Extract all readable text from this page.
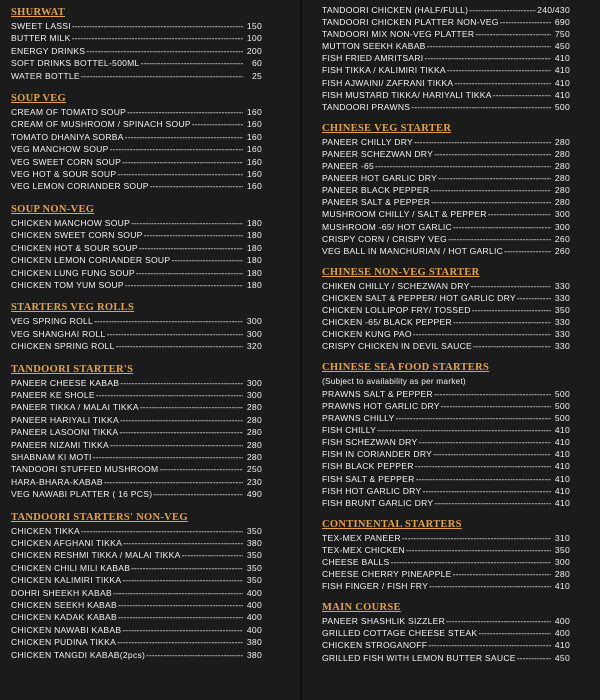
SHURWAT
SWEET LASSI -----	150
BUTTER MILK -----	100
ENERGY DRINKS -----	200
SOFT DRINKS BOTTEL-500ML -----	60
WATER BOTTLE -----	25
SOUP VEG
CREAM OF TOMATO SOUP -----	160
CREAM OF MUSHROOM / SPINACH SOUP -----	160
TOMATO DHANIYA SORBA -----	160
VEG MANCHOW SOUP -----	160
VEG SWEET CORN SOUP -----	160
VEG HOT & SOUR SOUP -----	160
VEG LEMON CORIANDER SOUP -----	160
SOUP NON-VEG
CHICKEN MANCHOW SOUP -----	180
CHICKEN SWEET CORN SOUP -----	180
CHICKEN HOT & SOUR SOUP -----	180
CHICKEN LEMON CORIANDER SOUP -----	180
CHICKEN LUNG FUNG SOUP -----	180
CHICKEN TOM YUM SOUP -----	180
STARTERS VEG ROLLS
VEG SPRING ROLL -----	300
VEG SHANGHAI ROLL -----	300
CHICKEN SPRING ROLL -----	320
TANDOORI STARTER'S
PANEER CHEESE KABAB -----	300
PANEER KE SHOLE -----	300
PANEER TIKKA / MALAI TIKKA -----	280
PANEER HARIYALI TIKKA -----	280
PANEER LASOONI TIKKA -----	280
PANEER NIZAMI TIKKA -----	280
SHABNAM KI MOTI -----	280
TANDOORI STUFFED MUSHROOM -----	250
HARA-BHARA-KABAB -----	230
VEG NAWABI PLATTER ( 16 PCS) -----	490
TANDOORI STARTERS' NON-VEG
CHICKEN TIKKA -----	350
CHICKEN AFGHANI TIKKA -----	380
CHICKEN RESHMI TIKKA / MALAI TIKKA -----	350
CHICKEN CHILI MILI KABAB -----	350
CHICKEN KALIMIRI TIKKA -----	350
DOHRI SHEEKH KABAB -----	400
CHICKEN SEEKH KABAB -----	400
CHICKEN KADAK KABAB -----	400
CHICKEN NAWABI KABAB -----	400
CHICKEN PUDINA TIKKA -----	380
CHICKEN TANGDI KABAB(2pcs) -----	380
TANDOORI CHICKEN (HALF/FULL) -----	240/430
TANDOORI CHICKEN PLATTER NON-VEG -----	690
TANDOORI MIX NON-VEG PLATTER -----	750
MUTTON SEEKH KABAB -----	450
FISH FRIED AMRITSARI -----	410
FISH TIKKA / KALIMIRI TIKKA -----	410
FISH AJWAINI/ ZAFRANI TIKKA -----	410
FISH MUSTARD TIKKA/ HARIYALI TIKKA -----	410
TANDOORI PRAWNS -----	500
CHINESE VEG STARTER
PANEER CHILLY DRY -----	280
PANEER SCHEZWAN DRY -----	280
PANEER -65 -----	280
PANEER HOT GARLIC DRY -----	280
PANEER BLACK PEPPER -----	280
PANEER SALT & PEPPER -----	280
MUSHROOM CHILLY / SALT & PEPPER -----	300
MUSHROOM -65/ HOT GARLIC -----	300
CRISPY CORN / CRISPY VEG -----	260
VEG BALL IN MANCHURIAN / HOT GARLIC -----	260
CHINESE NON-VEG STARTER
CHIKEN CHILLY / SCHEZWAN DRY -----	330
CHICKEN SALT & PEPPER/ HOT GARLIC DRY -----	330
CHICKEN LOLLIPOP FRY/ TOSSED -----	350
CHICKEN -65/ BLACK PEPPER -----	330
CHICKEN KUNG PAO -----	330
CRISPY CHICKEN IN DEVIL SAUCE -----	330
CHINESE SEA FOOD STARTERS
(Subject to availability as per market)
PRAWNS SALT & PEPPER -----	500
PRAWNS HOT GARLIC DRY -----	500
PRAWNS CHILLY -----	500
FISH CHILLY -----	410
FISH SCHEZWAN DRY -----	410
FISH IN CORIANDER DRY -----	410
FISH BLACK PEPPER -----	410
FISH SALT & PEPPER -----	410
FISH HOT GARLIC DRY -----	410
FISH BRUNT GARLIC DRY -----	410
CONTINENTAL STARTERS
TEX-MEX PANEER -----	310
TEX-MEX CHICKEN -----	350
CHEESE BALLS -----	300
CHEESE CHERRY PINEAPPLE -----	280
FISH FINGER / FISH FRY -----	410
MAIN COURSE
PANEER SHASHLIK SIZZLER -----	400
GRILLED COTTAGE CHEESE STEAK -----	400
CHICKEN STROGANOFF -----	410
GRILLED FISH WITH LEMON BUTTER SAUCE -----	450
